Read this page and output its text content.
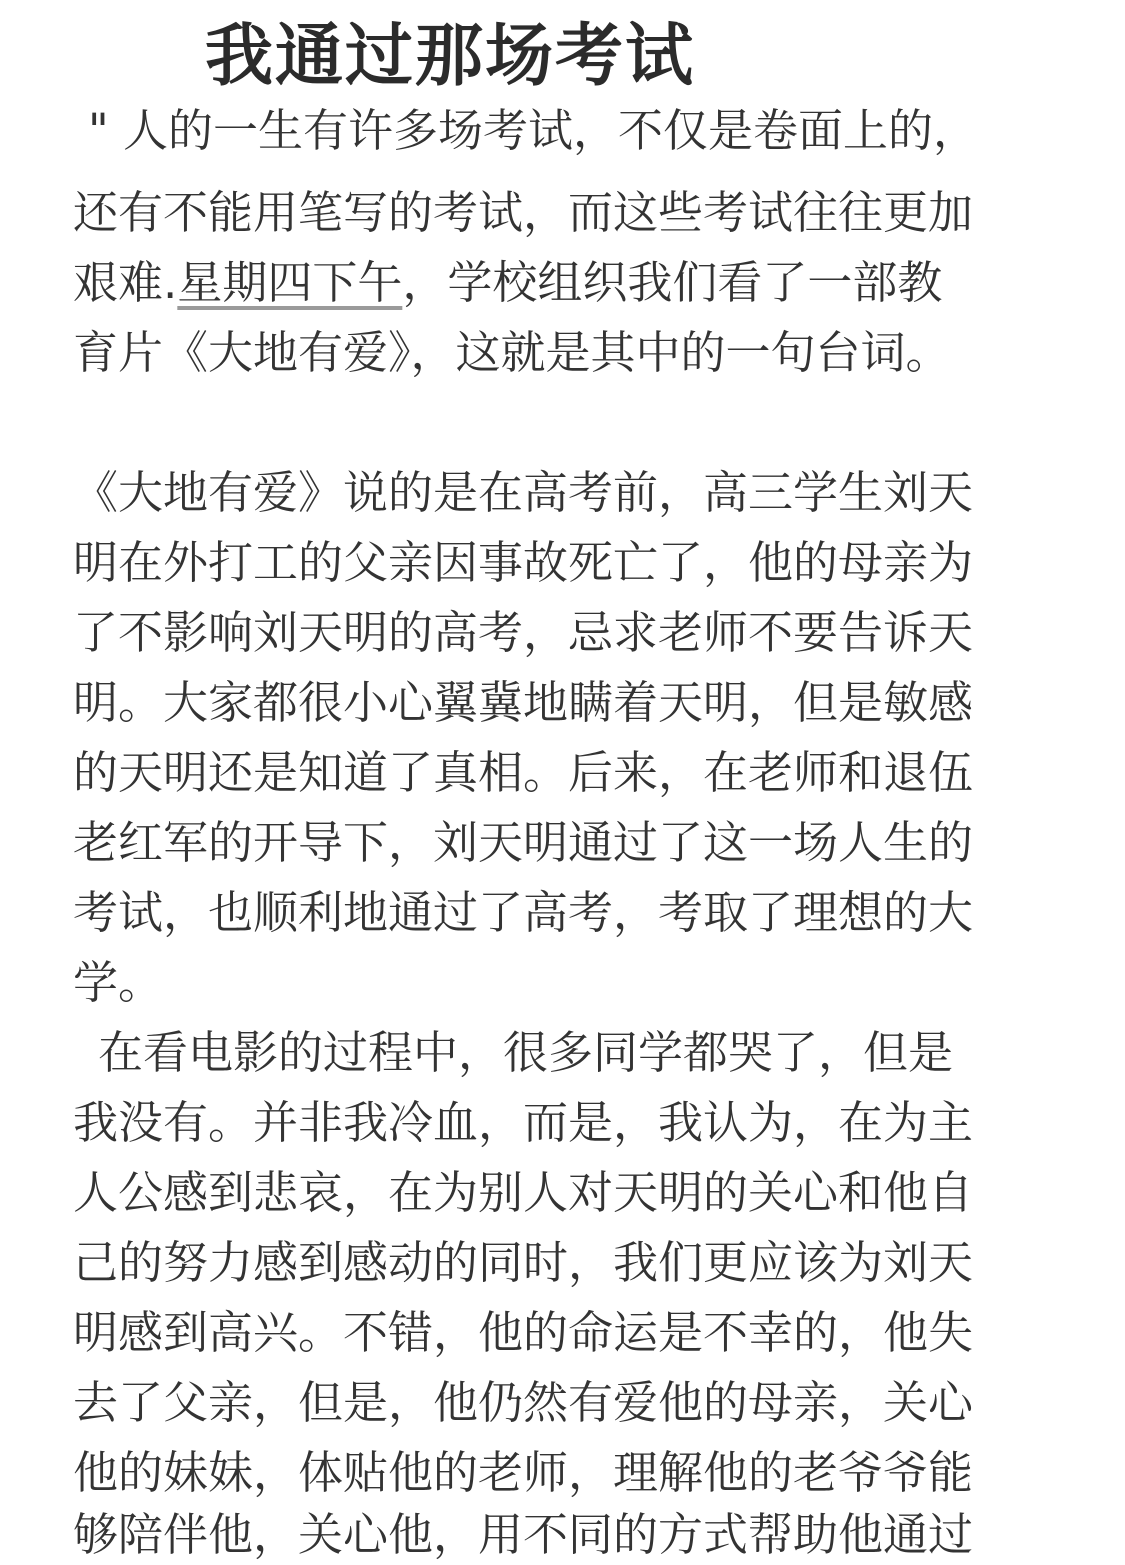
我通过那场考试
" 人的一生有许多场考试，不仅是卷面上的，
还有不能用笔写的考试，而这些考试往往更加
艰难.星期四下午，学校组织我们看了一部教
育片《大地有爱》，这就是其中的一句台词。
《大地有爱》说的是在高考前，高三学生刘天
明在外打工的父亲因事故死亡了，他的母亲为
了不影响刘天明的高考，忌求老师不要告诉天
明。大家都很小心翼冀地瞒着天明，但是敏感
的天明还是知道了真相。后来，在老师和退伍
老红军的开导下，刘天明通过了这一场人生的
考试，也顺利地通过了高考，考取了理想的大
学。
在看电影的过程中，很多同学都哭了，但是
我没有。并非我冷血，而是，我认为，在为主
人公感到悲哀，在为别人对天明的关心和他自
己的努力感到感动的同时，我们更应该为刘天
明感到高兴。不错，他的命运是不幸的，他失
去了父亲，但是，他仍然有爱他的母亲，关心
他的妹妹，体贴他的老师，理解他的老爷爷能
够陪伴他，关心他，用不同的方式帮助他通过
